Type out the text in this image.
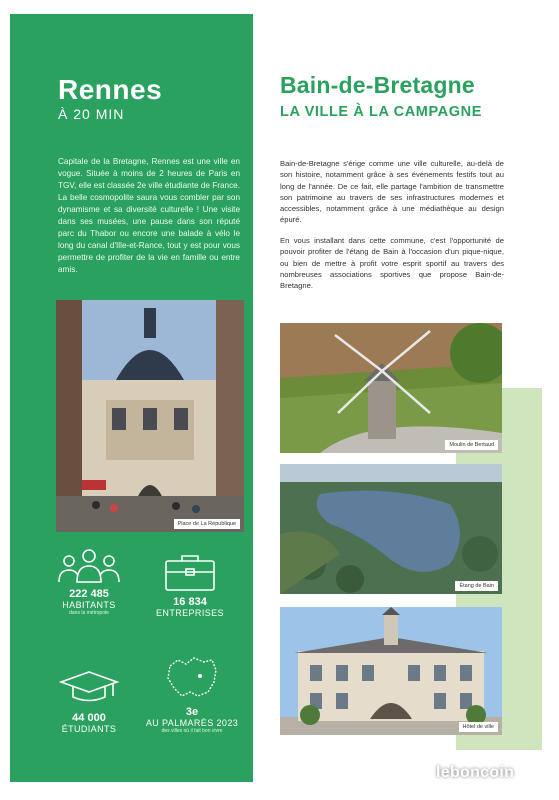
Rennes
À 20 MIN
Capitale de la Bretagne, Rennes est une ville en vogue. Située à moins de 2 heures de Paris en TGV, elle est classée 2e ville étudiante de France. La belle cosmopolite saura vous combler par son dynamisme et sa diversité culturelle ! Une visite dans ses musées, une pause dans son réputé parc du Thabor ou encore une balade à vélo le long du canal d'Ille-et-Rance, tout y est pour vous permettre de profiter de la vie en famille ou entre amis.
Place de La République
222 485
HABITANTS
dans la métropole
16 834
ENTREPRISES
44 000
ÉTUDIANTS
3e
AU PALMARÈS 2023
des villes où il fait bon vivre
Bain-de-Bretagne
LA VILLE À LA CAMPAGNE
Bain-de-Bretagne s'érige comme une ville culturelle, au-delà de son histoire, notamment grâce à ses événements festifs tout au long de l'année. De ce fait, elle partage l'ambition de transmettre son patrimoine au travers de ses infrastructures modernes et accessibles, notamment grâce à une médiathèque au design épuré.
En vous installant dans cette commune, c'est l'opportunité de pouvoir profiter de l'étang de Bain à l'occasion d'un pique-nique, ou bien de mettre à profit votre esprit sportif au travers des nombreuses associations sportives que propose Bain-de-Bretagne.
Moulin de Bertaud
Étang de Bain
Hôtel de ville
leboncoin
